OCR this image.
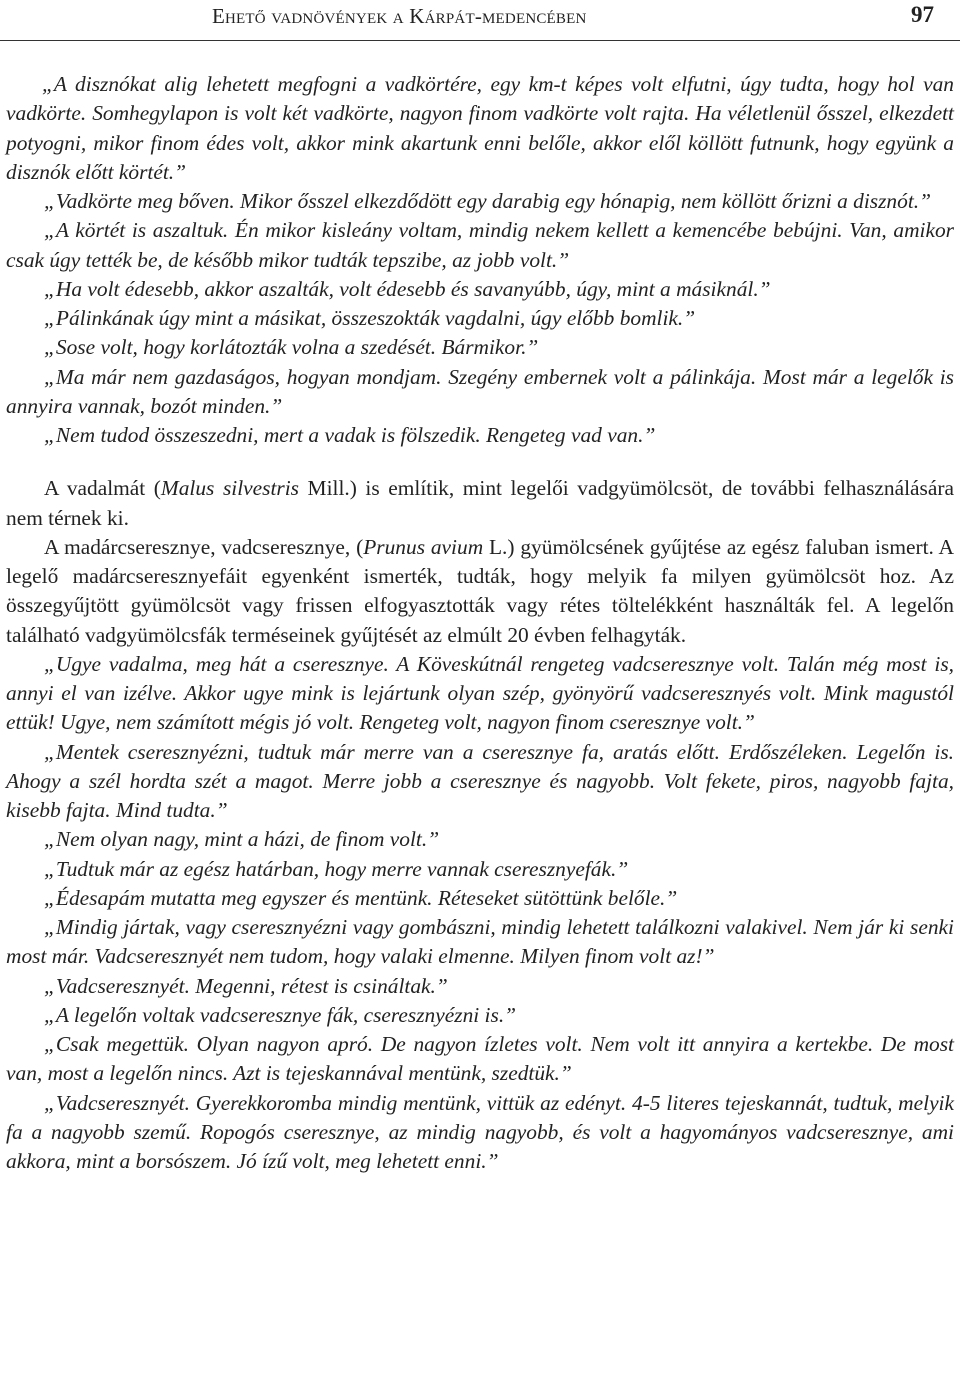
Ehető vadnövények a Kárpát-medencében	97

„A disznókat alig lehetett megfogni a vadkörtére, egy km-t képes volt elfutni, úgy tudta, hogy hol van vadkörte. Somhegylapon is volt két vadkörte, nagyon finom vadkörte volt rajta. Ha véletlenül ősszel, elkezdett potyogni, mikor finom édes volt, akkor mink akartunk enni belőle, akkor elől köllött futnunk, hogy együnk a disznók előtt körtét.”

„Vadkörte meg bőven. Mikor ősszel elkezdődött egy darabig egy hónapig, nem köllött őrizni a disznót.”

„A körtét is aszaltuk. Én mikor kisleány voltam, mindig nekem kellett a kemencébe bebújni. Van, amikor csak úgy tették be, de később mikor tudták tepszibe, az jobb volt.”

„Ha volt édesebb, akkor aszalták, volt édesebb és savanyúbb, úgy, mint a másiknál.”

„Pálinkának úgy mint a másikat, összeszokták vagdalni, úgy előbb bomlik.”

„Sose volt, hogy korlátozták volna a szedését. Bármikor.”

„Ma már nem gazdaságos, hogyan mondjam. Szegény embernek volt a pálinkája. Most már a legelők is annyira vannak, bozót minden.”

„Nem tudod összeszedni, mert a vadak is fölszedik. Rengeteg vad van.”

A vadalmát (Malus silvestris Mill.) is említik, mint legelői vadgyümölcsöt, de további felhasználására nem térnek ki.

A madárcseresznye, vadcseresznye, (Prunus avium L.) gyümölcsének gyűjtése az egész faluban ismert. A legelő madárcseresznyefáit egyenként ismerték, tudták, hogy melyik fa milyen gyümölcsöt hoz. Az összegyűjtött gyümölcsöt vagy frissen elfogyasztották vagy rétes töltelékként használták fel. A legelőn található vadgyümölcsfák terméseinek gyűjtését az elmúlt 20 évben felhagyták.

„Ugye vadalma, meg hát a cseresznye. A Köveskútnál rengeteg vadcseresznye volt. Talán még most is, annyi el van izélve. Akkor ugye mink is lejártunk olyan szép, gyönyörű vadcseresznyés volt. Mink magustól ettük! Ugye, nem számított mégis jó volt. Rengeteg volt, nagyon finom cseresznye volt.”

„Mentek cseresznyézni, tudtuk már merre van a cseresznye fa, aratás előtt. Erdőszéleken. Legelőn is. Ahogy a szél hordta szét a magot. Merre jobb a cseresznye és nagyobb. Volt fekete, piros, nagyobb fajta, kisebb fajta. Mind tudta.”

„Nem olyan nagy, mint a házi, de finom volt.”

„Tudtuk már az egész határban, hogy merre vannak cseresznyefák.”

„Édesapám mutatta meg egyszer és mentünk. Réteseket sütöttünk belőle.”

„Mindig jártak, vagy cseresznyézni vagy gombászni, mindig lehetett találkozni valakivel. Nem jár ki senki most már. Vadcseresznyét nem tudom, hogy valaki elmenne. Milyen finom volt az!”

„Vadcseresznyét. Megenni, rétest is csináltak.”

„A legelőn voltak vadcseresznye fák, cseresznyézni is.”

„Csak megettük. Olyan nagyon apró. De nagyon ízletes volt. Nem volt itt annyira a kertekbe. De most van, most a legelőn nincs. Azt is tejeskannával mentünk, szedtük.”

„Vadcseresznyét. Gyerekkoromba mindig mentünk, vittük az edényt. 4-5 literes tejeskannát, tudtuk, melyik fa a nagyobb szemű. Ropogós cseresznye, az mindig nagyobb, és volt a hagyományos vadcseresznye, ami akkora, mint a borsószem. Jó ízű volt, meg lehetett enni.”
